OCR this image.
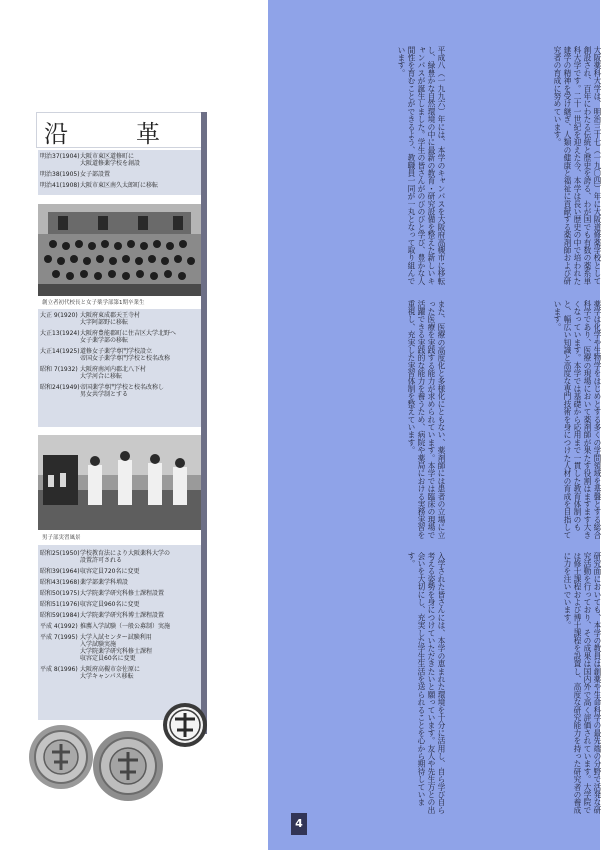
沿　革
明治37(1904) 大阪市東区道修町に
大阪道修薬学校を創設
明治38(1905) 女子部設置
明治41(1908) 大阪市東区南久太郎町に移転
創立者初代校長と女子薬学部第1期卒業生
大正 9(1920) 大阪府東成郡天王寺村
大字阿部野に移転
大正13(1924) 大阪府豊能郡町に住吉区大学北野へ
女子薬学部の移転
大正14(1925) 道修女子薬学専門学校設立
帝国女子薬学専門学校と校名改称
昭和 7(1932) 大阪府南河内郡北八下村
大学河合に移転
昭和24(1949) 帝国薬学専門学校と校名改称し
男女共学制とする
男子部実習風景
昭和25(1950) 学校教育法により大阪薬科大学の
設置許可される
昭和39(1964) 収容定員720名に変更
昭和43(1968) 薬学部薬学科増設
昭和50(1975) 大学院薬学研究科修士課程設置
昭和51(1976) 収容定員960名に変更
昭和59(1984) 大学院薬学研究科博士課程設置
平成 4(1992) 推薦入学試験（一般公募制）実施
平成 7(1995) 大学入試センター試験利用
入学試験実施
大学院薬学研究科修士課程
収容定員60名に変更
平成 8(1996) 大阪府高槻市奈佐原に
大学キャンパス移転
大阪薬科大学は、明治三十七（一九〇四）年に大阪道修薬学校として創設され、百年にわたる伝統と歴史を誇る、わが国でも有数の薬系単科大学です。二十一世紀を迎えた今、本学は長い歴史の中で培われた建学の精神を受け継ぎ、人類の健康と福祉に貢献する薬剤師および研究者の育成に努めています。
平成八（一九九六）年には、本学のキャンパスを大阪府高槻市に移転し、緑豊かな自然環境の中に最新の教育・研究設備を整えた新しいキャンパスが誕生しました。学生の皆さんがのびのびと学び、豊かな人間性を育むことができるよう、教職員一同が一丸となって取り組んでいます。
薬学は化学や生物学をはじめとする多くの学問領域を基盤とする総合科学であり、医療の現場において薬剤師が果たす役割はますます大きくなっています。本学では基礎から応用まで一貫した教育体制のもと、幅広い知識と高度な専門技術を身につけた人材の育成を目指しています。
また、医療の高度化と多様化にともない、薬剤師には患者の立場に立った医療を実践する能力が求められています。本学では臨床の現場で活躍できる実践的な能力を養うため、病院や薬局における実務実習を重視し、充実した実習体制を整えています。
研究面においても、本学の教員は創薬や生命科学の最先端の分野で活発な研究活動を行っており、その成果は国内外で高く評価されています。大学院では修士課程および博士課程を設置し、高度な研究能力を持った研究者の養成に力を注いでいます。
入学された皆さんには、本学の恵まれた環境を十分に活用し、自ら学び自ら考える姿勢を身につけていただきたいと願っています。友人や先生方との出会いを大切にし、充実した学生生活を送られることを心から期待しています。
4
